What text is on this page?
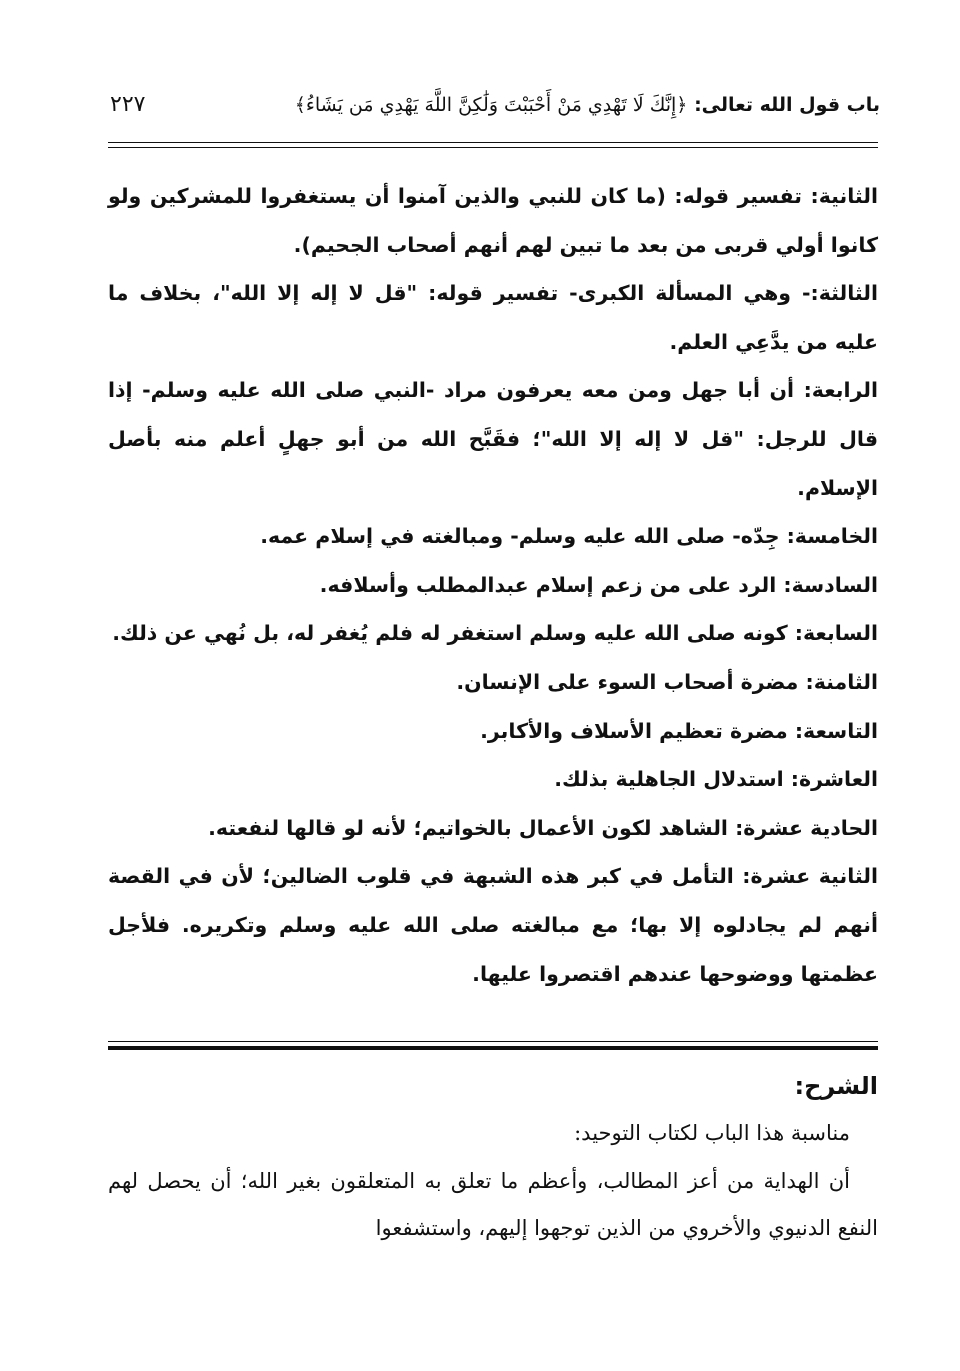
باب قول الله تعالى: ﴿إِنَّكَ لَا تَهْدِي مَنْ أَحْبَبْتَ وَلَٰكِنَّ اللَّهَ يَهْدِي مَن يَشَاءُ﴾
٢٢٧
الثانية: تفسير قوله: (ما كان للنبي والذين آمنوا أن يستغفروا للمشركين ولو كانوا أولي قربى من بعد ما تبين لهم أنهم أصحاب الجحيم).
الثالثة:- وهي المسألة الكبرى- تفسير قوله: "قل لا إله إلا الله"، بخلاف ما عليه من يدَّعِي العلم.
الرابعة: أن أبا جهل ومن معه يعرفون مراد -النبي صلى الله عليه وسلم- إذا قال للرجل: "قل لا إله إلا الله"؛ فقَبَّح الله من أبو جهلٍ أعلم منه بأصل الإسلام.
الخامسة: جِدّه- صلى الله عليه وسلم- ومبالغته في إسلام عمه.
السادسة: الرد على من زعم إسلام عبدالمطلب وأسلافه.
السابعة: كونه صلى الله عليه وسلم استغفر له فلم يُغفر له، بل نُهي عن ذلك.
الثامنة: مضرة أصحاب السوء على الإنسان.
التاسعة: مضرة تعظيم الأسلاف والأكابر.
العاشرة: استدلال الجاهلية بذلك.
الحادية عشرة: الشاهد لكون الأعمال بالخواتيم؛ لأنه لو قالها لنفعته.
الثانية عشرة: التأمل في كبر هذه الشبهة في قلوب الضالين؛ لأن في القصة أنهم لم يجادلوه إلا بها؛ مع مبالغته صلى الله عليه وسلم وتكريره. فلأجل عظمتها ووضوحها عندهم اقتصروا عليها.

الشرح:

مناسبة هذا الباب لكتاب التوحيد:

أن الهداية من أعز المطالب، وأعظم ما تعلق به المتعلقون بغير الله؛ أن يحصل لهم النفع الدنيوي والأخروي من الذين توجهوا إليهم، واستشفعوا
